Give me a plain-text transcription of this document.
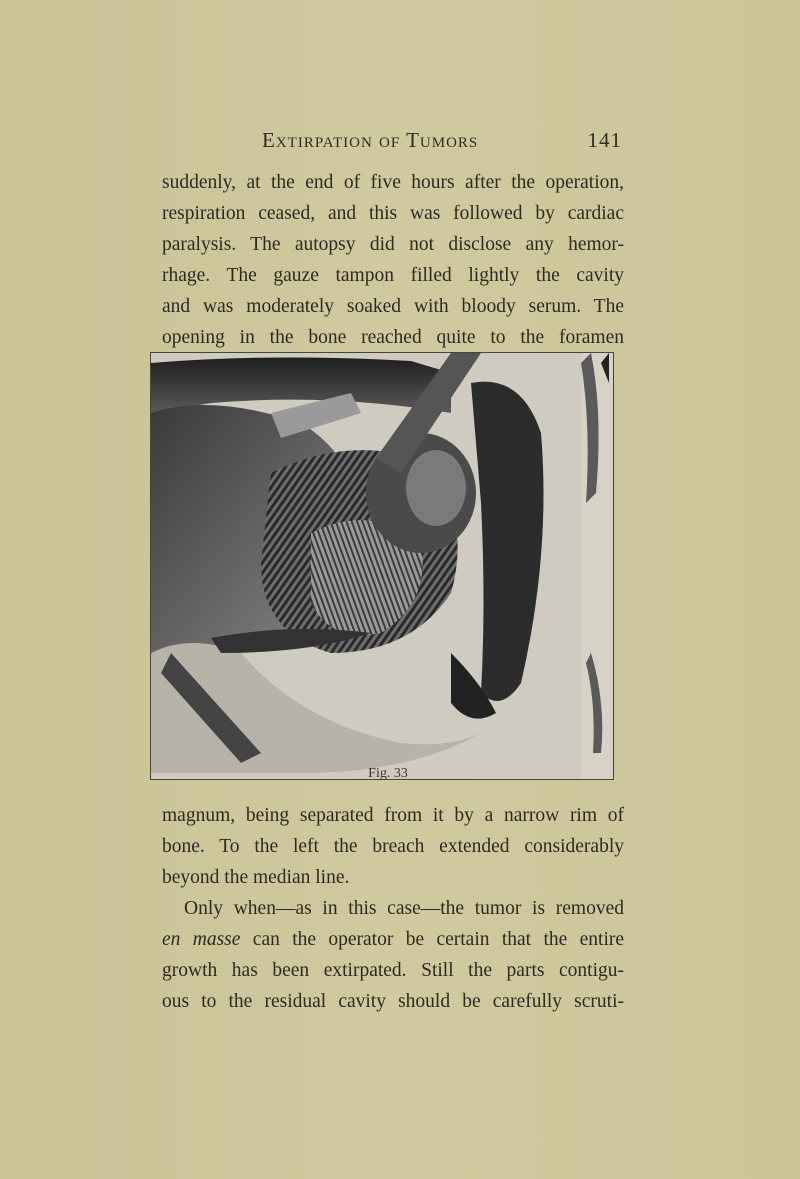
Extirpation of Tumors	141
suddenly, at the end of five hours after the operation,
respiration ceased, and this was followed by cardiac
paralysis. The autopsy did not disclose any hemor-
rhage. The gauze tampon filled lightly the cavity
and was moderately soaked with bloody serum. The
opening in the bone reached quite to the foramen
Fig. 33
magnum, being separated from it by a narrow rim of
bone. To the left the breach extended considerably
beyond the median line.
Only when—as in this case—the tumor is removed
en masse can the operator be certain that the entire
growth has been extirpated. Still the parts contigu-
ous to the residual cavity should be carefully scruti-
